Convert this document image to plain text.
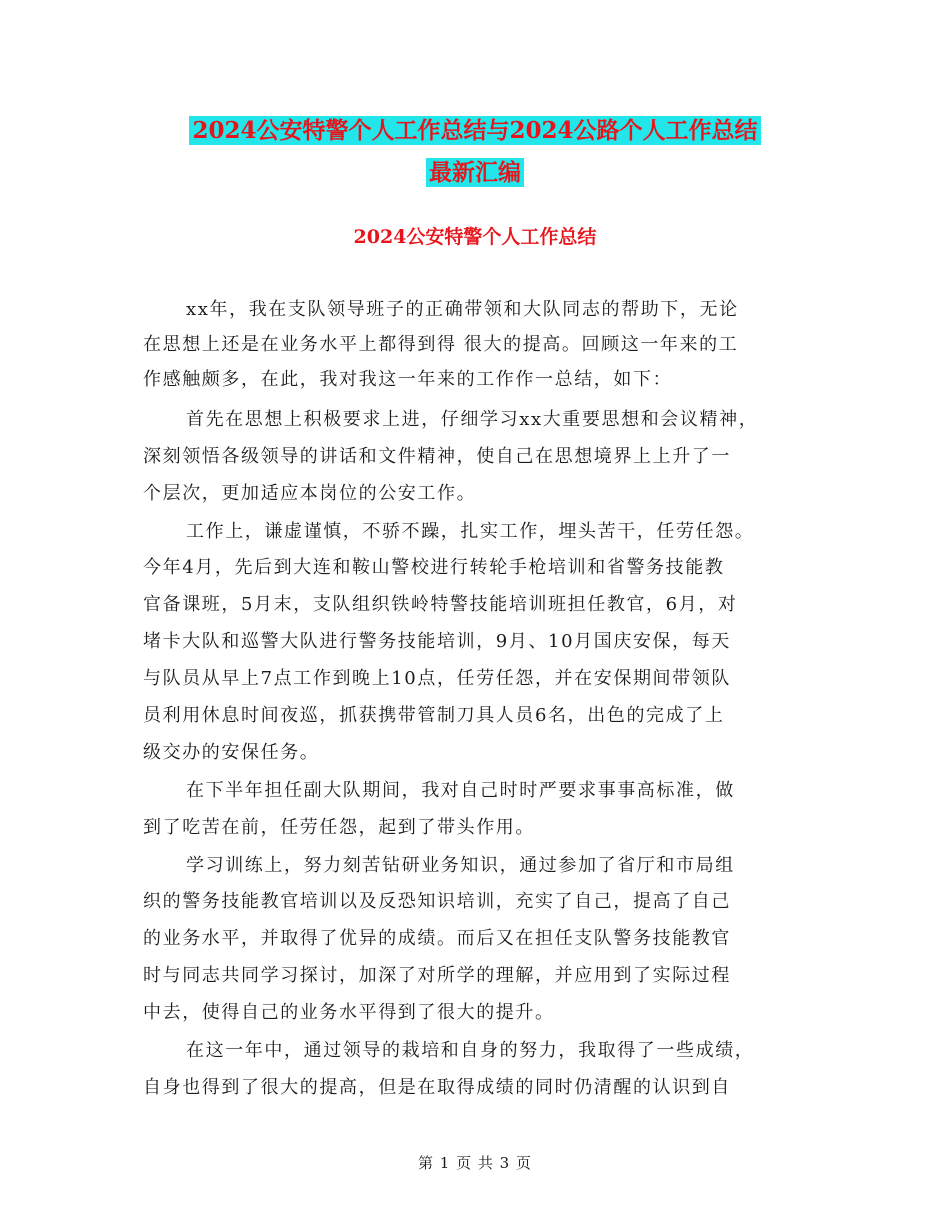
2024公安特警个人工作总结与2024公路个人工作总结
最新汇编
2024公安特警个人工作总结
xx年，我在支队领导班子的正确带领和大队同志的帮助下，无论
在思想上还是在业务水平上都得到得 很大的提高。回顾这一年来的工
作感触颇多，在此，我对我这一年来的工作作一总结，如下：
首先在思想上积极要求上进，仔细学习xx大重要思想和会议精神，
深刻领悟各级领导的讲话和文件精神，使自己在思想境界上上升了一
个层次，更加适应本岗位的公安工作。
工作上，谦虚谨慎，不骄不躁，扎实工作，埋头苦干，任劳任怨。
今年4月，先后到大连和鞍山警校进行转轮手枪培训和省警务技能教
官备课班，5月末，支队组织铁岭特警技能培训班担任教官，6月，对
堵卡大队和巡警大队进行警务技能培训，9月、10月国庆安保，每天
与队员从早上7点工作到晚上10点，任劳任怨，并在安保期间带领队
员利用休息时间夜巡，抓获携带管制刀具人员6名，出色的完成了上
级交办的安保任务。
在下半年担任副大队期间，我对自己时时严要求事事高标准，做
到了吃苦在前，任劳任怨，起到了带头作用。
学习训练上，努力刻苦钻研业务知识，通过参加了省厅和市局组
织的警务技能教官培训以及反恐知识培训，充实了自己，提高了自己
的业务水平，并取得了优异的成绩。而后又在担任支队警务技能教官
时与同志共同学习探讨，加深了对所学的理解，并应用到了实际过程
中去，使得自己的业务水平得到了很大的提升。
在这一年中，通过领导的栽培和自身的努力，我取得了一些成绩，
自身也得到了很大的提高，但是在取得成绩的同时仍清醒的认识到自
第 1 页 共 3 页
